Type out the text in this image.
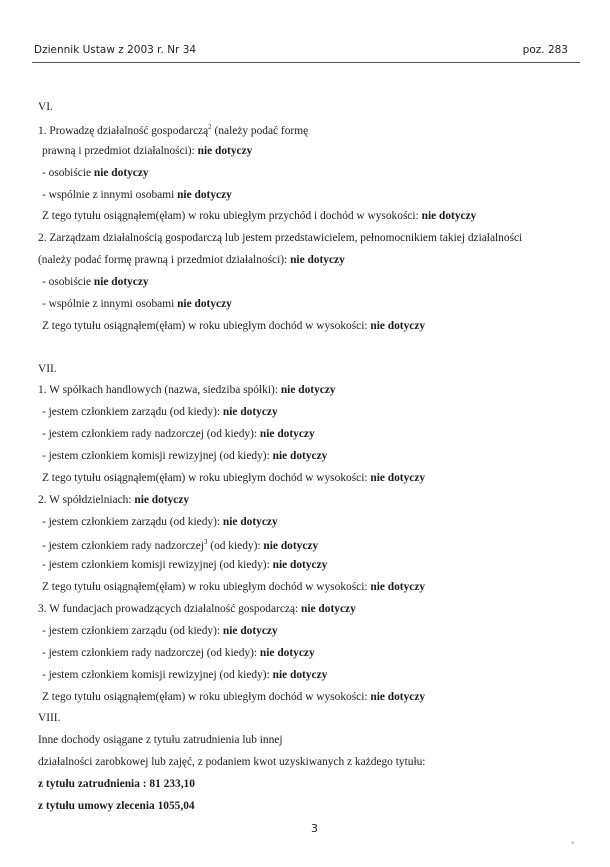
Dziennik Ustaw z 2003 r. Nr 34	poz. 283
VI.
1. Prowadzę działalność gospodarczą$^2$ (należy podać formę
prawną i przedmiot działalności): nie dotyczy
- osobiście nie dotyczy
- wspólnie z innymi osobami nie dotyczy
Z tego tytułu osiągnąłem(ęłam) w roku ubiegłym przychód i dochód w wysokości: nie dotyczy
2. Zarządzam działalnością gospodarczą lub jestem przedstawicielem, pełnomocnikiem takiej działalności
(należy podać formę prawną i przedmiot działalności): nie dotyczy
- osobiście nie dotyczy
- wspólnie z innymi osobami nie dotyczy
Z tego tytułu osiągnąłem(ęłam) w roku ubiegłym dochód w wysokości: nie dotyczy
VII.
1. W spółkach handlowych (nazwa, siedziba spółki): nie dotyczy
- jestem członkiem zarządu (od kiedy): nie dotyczy
- jestem członkiem rady nadzorczej (od kiedy): nie dotyczy
- jestem członkiem komisji rewizyjnej (od kiedy): nie dotyczy
Z tego tytułu osiągnąłem(ęłam) w roku ubiegłym dochód w wysokości: nie dotyczy
2. W spółdzielniach: nie dotyczy
- jestem członkiem zarządu (od kiedy): nie dotyczy
- jestem członkiem rady nadzorczej$^3$ (od kiedy): nie dotyczy
- jestem członkiem komisji rewizyjnej (od kiedy): nie dotyczy
Z tego tytułu osiągnąłem(ęłam) w roku ubiegłym dochód w wysokości: nie dotyczy
3. W fundacjach prowadzących działalność gospodarczą: nie dotyczy
- jestem członkiem zarządu (od kiedy): nie dotyczy
- jestem członkiem rady nadzorczej (od kiedy): nie dotyczy
- jestem członkiem komisji rewizyjnej (od kiedy): nie dotyczy
Z tego tytułu osiągnąłem(ęłam) w roku ubiegłym dochód w wysokości: nie dotyczy
VIII.
Inne dochody osiągane z tytułu zatrudnienia lub innej
działalności zarobkowej lub zajęć, z podaniem kwot uzyskiwanych z każdego tytułu:
z tytułu zatrudnienia : 81 233,10
z tytułu umowy zlecenia 1055,04
3
*
